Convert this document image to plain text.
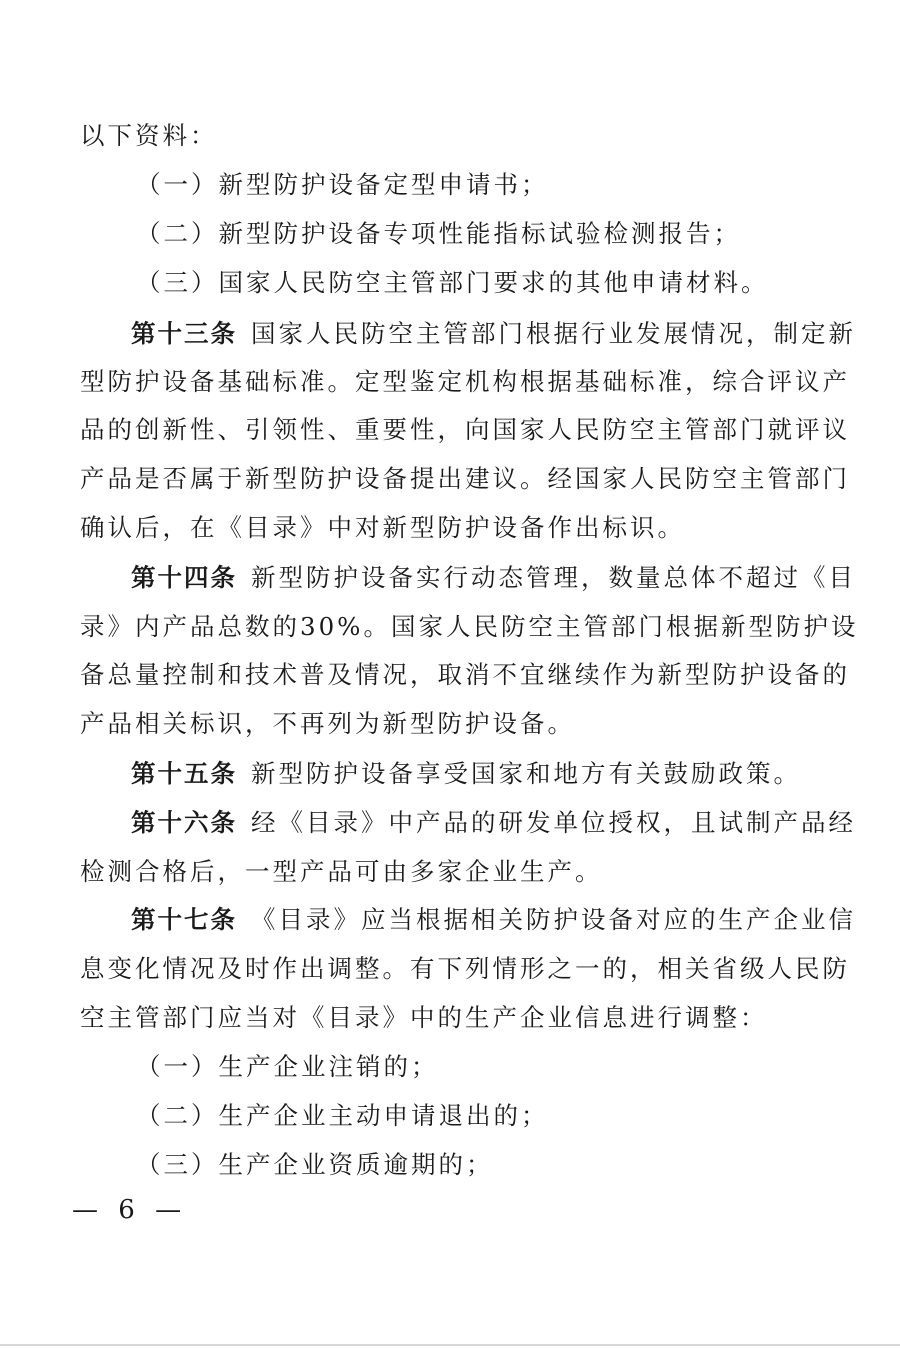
以下资料：
（一）新型防护设备定型申请书；
（二）新型防护设备专项性能指标试验检测报告；
（三）国家人民防空主管部门要求的其他申请材料。
第十三条 国家人民防空主管部门根据行业发展情况，制定新
型防护设备基础标准。定型鉴定机构根据基础标准，综合评议产
品的创新性、引领性、重要性，向国家人民防空主管部门就评议
产品是否属于新型防护设备提出建议。经国家人民防空主管部门
确认后，在《目录》中对新型防护设备作出标识。
第十四条 新型防护设备实行动态管理，数量总体不超过《目
录》内产品总数的30%。国家人民防空主管部门根据新型防护设
备总量控制和技术普及情况，取消不宜继续作为新型防护设备的
产品相关标识，不再列为新型防护设备。
第十五条 新型防护设备享受国家和地方有关鼓励政策。
第十六条 经《目录》中产品的研发单位授权，且试制产品经
检测合格后，一型产品可由多家企业生产。
第十七条 《目录》应当根据相关防护设备对应的生产企业信
息变化情况及时作出调整。有下列情形之一的，相关省级人民防
空主管部门应当对《目录》中的生产企业信息进行调整：
（一）生产企业注销的；
（二）生产企业主动申请退出的；
（三）生产企业资质逾期的；
— 6 —
